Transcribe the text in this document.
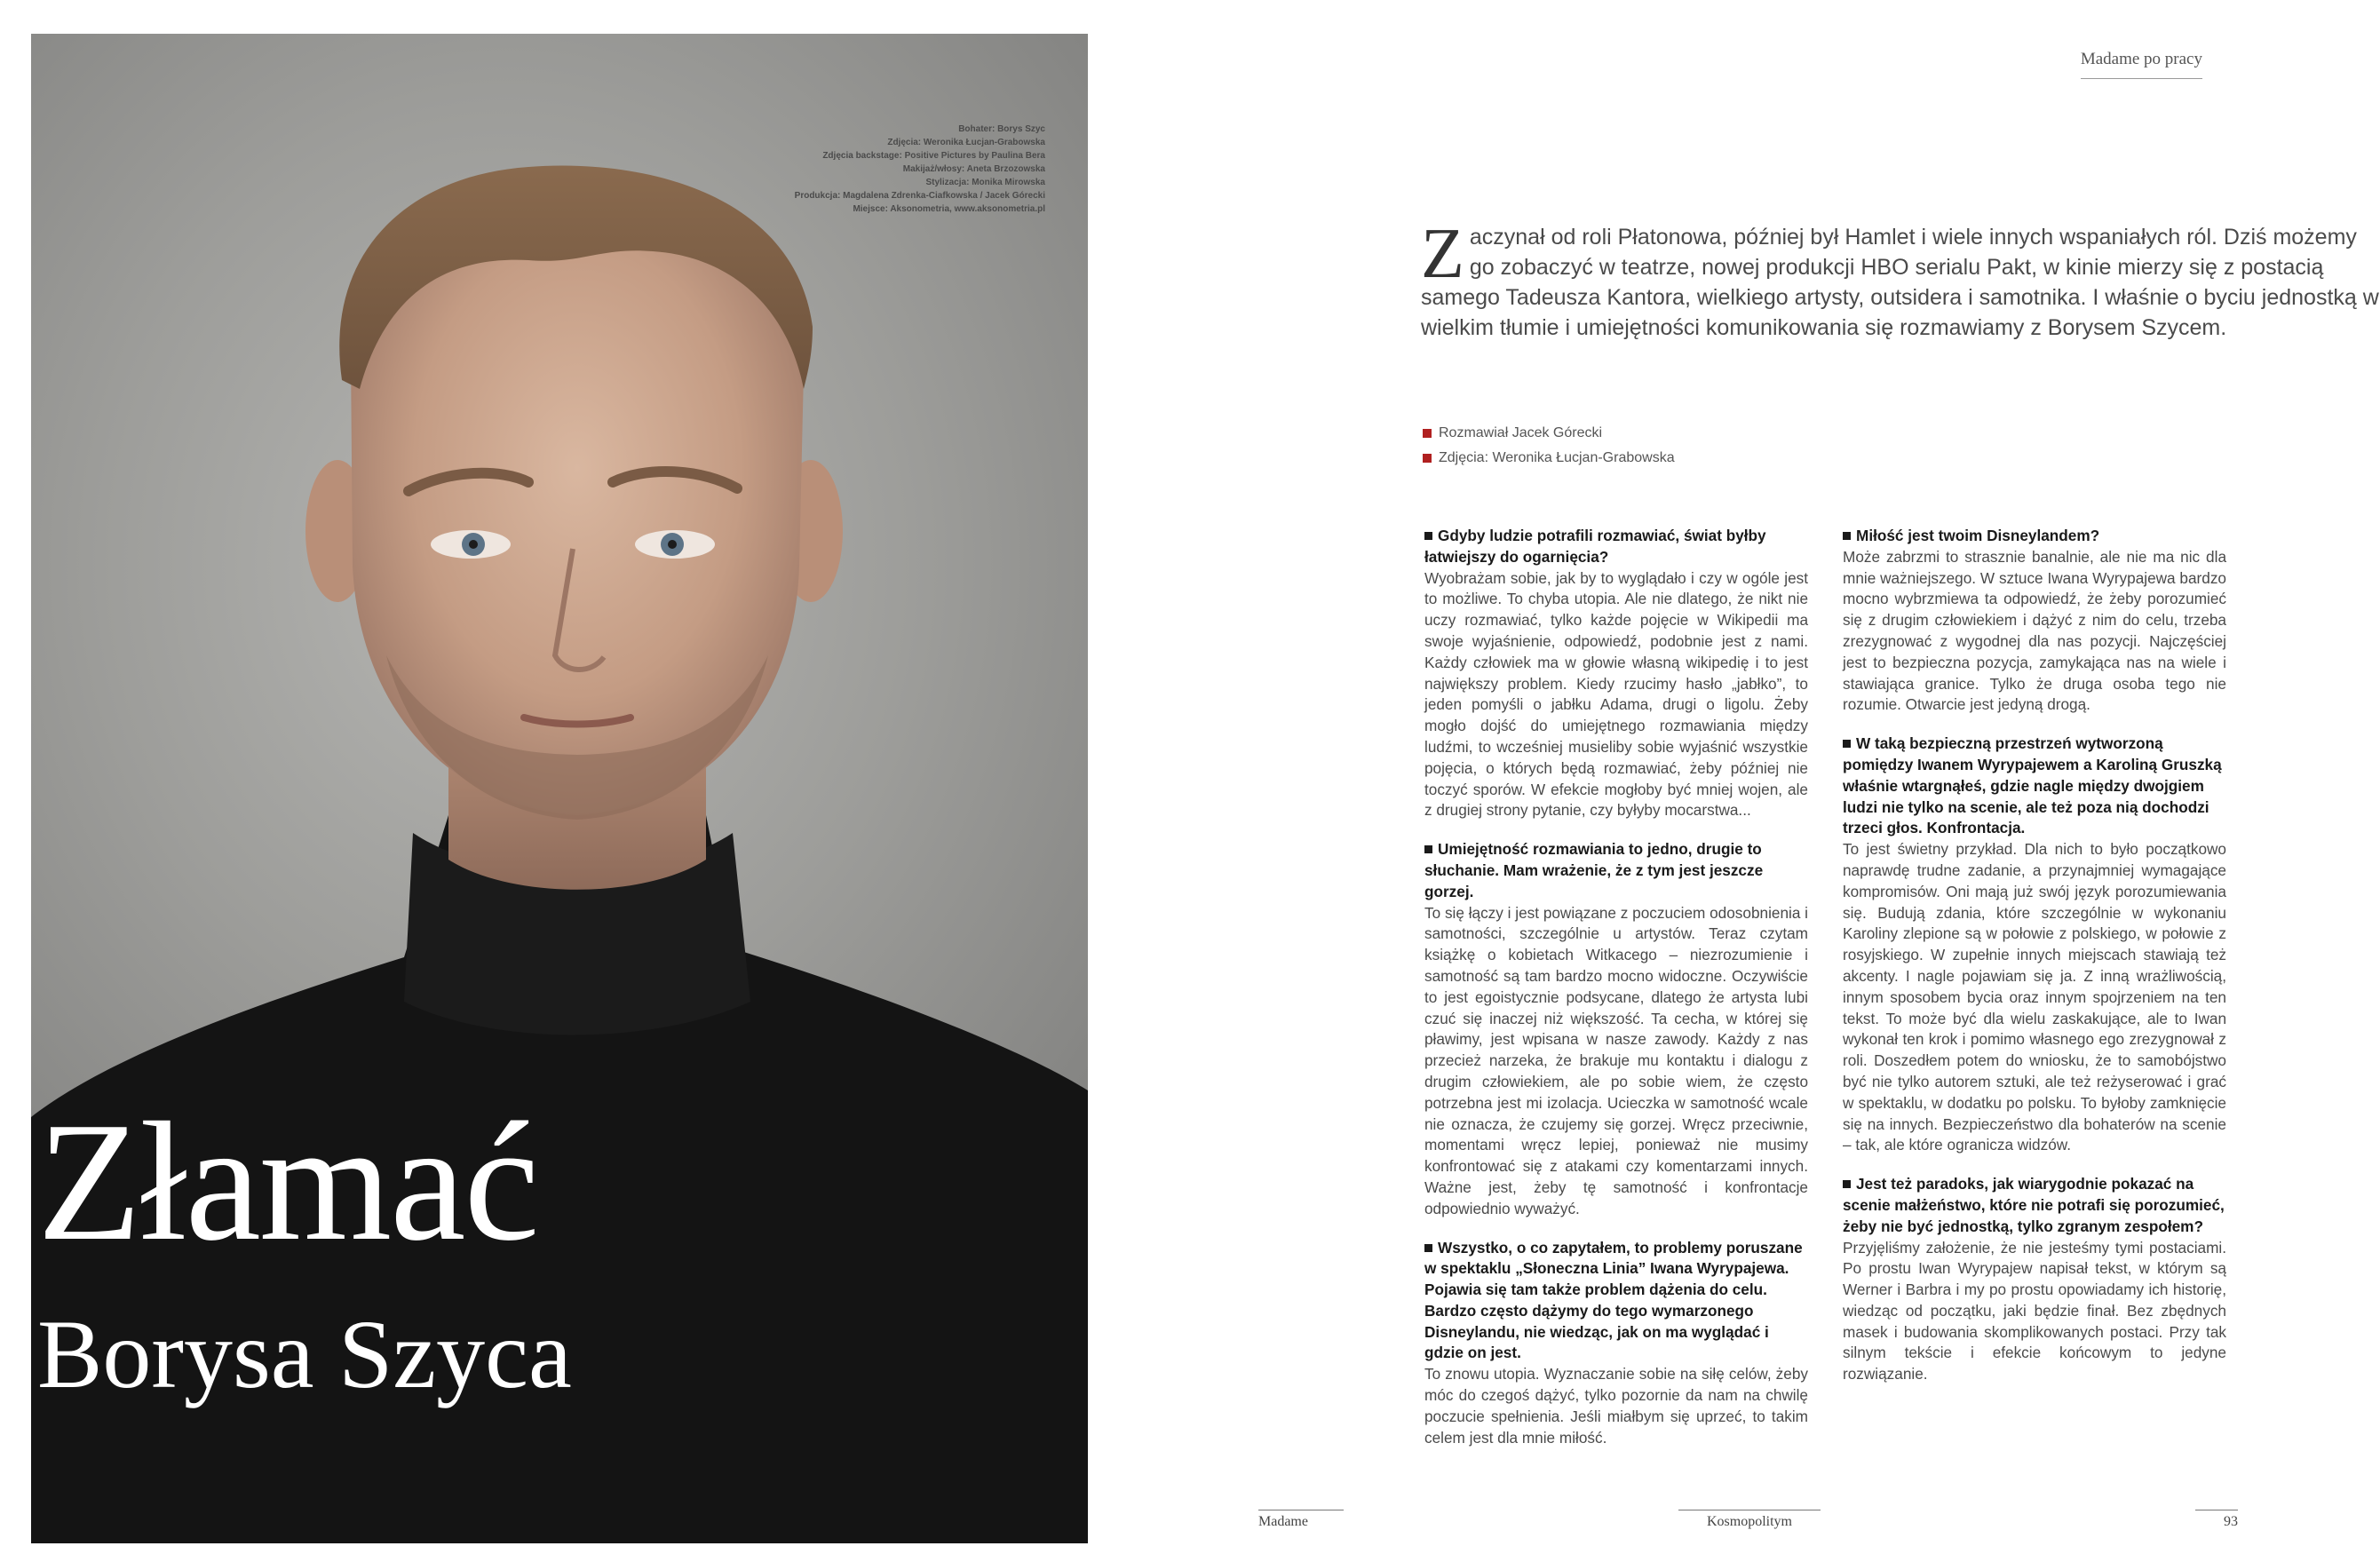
Bohater: Borys Szyc
Zdjęcia: Weronika Łucjan-Grabowska
Zdjęcia backstage: Positive Pictures by Paulina Bera
Makijaż/włosy: Aneta Brzozowska
Stylizacja: Monika Mirowska
Produkcja: Magdalena Zdrenka-Ciafkowska / Jacek Górecki
Miejsce: Aksonometria, www.aksonometria.pl
Złamać
Borysa Szyca
Madame po pracy
Zaczynał od roli Płatonowa, później był Hamlet i wiele innych wspaniałych ról. Dziś możemy go zobaczyć w teatrze, nowej produkcji HBO serialu Pakt, w kinie mierzy się z postacią samego Tadeusza Kantora, wielkiego artysty, outsidera i samotnika. I właśnie o byciu jednostką w wielkim tłumie i umiejętności komunikowania się rozmawiamy z Borysem Szycem.
Rozmawiał Jacek Górecki
Zdjęcia: Weronika Łucjan-Grabowska

Gdyby ludzie potrafili rozmawiać, świat byłby łatwiejszy do ogarnięcia?

Wyobrażam sobie, jak by to wyglądało i czy w ogóle jest to możliwe. To chyba utopia. Ale nie dlatego, że nikt nie uczy rozmawiać, tylko każde pojęcie w Wikipedii ma swoje wyjaśnienie, odpowiedź, podobnie jest z nami. Każdy człowiek ma w głowie własną wikipedię i to jest największy problem. Kiedy rzucimy hasło „jabłko”, to jeden pomyśli o jabłku Adama, drugi o ligolu. Żeby mogło dojść do umiejętnego rozmawiania między ludźmi, to wcześniej musieliby sobie wyjaśnić wszystkie pojęcia, o których będą rozmawiać, żeby później nie toczyć sporów. W efekcie mogłoby być mniej wojen, ale z drugiej strony pytanie, czy byłyby mocarstwa...

Umiejętność rozmawiania to jedno, drugie to słuchanie. Mam wrażenie, że z tym jest jeszcze gorzej.

To się łączy i jest powiązane z poczuciem odosobnienia i samotności, szczególnie u artystów. Teraz czytam książkę o kobietach Witkacego – niezrozumienie i samotność są tam bardzo mocno widoczne. Oczywiście to jest egoistycznie podsycane, dlatego że artysta lubi czuć się inaczej niż większość. Ta cecha, w której się pławimy, jest wpisana w nasze zawody. Każdy z nas przecież narzeka, że brakuje mu kontaktu i dialogu z drugim człowiekiem, ale po sobie wiem, że często potrzebna jest mi izolacja. Ucieczka w samotność wcale nie oznacza, że czujemy się gorzej. Wręcz przeciwnie, momentami wręcz lepiej, ponieważ nie musimy konfrontować się z atakami czy komentarzami innych. Ważne jest, żeby tę samotność i konfrontacje odpowiednio wyważyć.

Wszystko, o co zapytałem, to problemy poruszane w spektaklu „Słoneczna Linia” Iwana Wyrypajewa. Pojawia się tam także problem dążenia do celu. Bardzo często dążymy do tego wymarzonego Disneylandu, nie wiedząc, jak on ma wyglądać i gdzie on jest.

To znowu utopia. Wyznaczanie sobie na siłę celów, żeby móc do czegoś dążyć, tylko pozornie da nam na chwilę poczucie spełnienia. Jeśli miałbym się uprzeć, to takim celem jest dla mnie miłość.

Miłość jest twoim Disneylandem?

Może zabrzmi to strasznie banalnie, ale nie ma nic dla mnie ważniejszego. W sztuce Iwana Wyrypajewa bardzo mocno wybrzmiewa ta odpowiedź, że żeby porozumieć się z drugim człowiekiem i dążyć z nim do celu, trzeba zrezygnować z wygodnej dla nas pozycji. Najczęściej jest to bezpieczna pozycja, zamykająca nas na wiele i stawiająca granice. Tylko że druga osoba tego nie rozumie. Otwarcie jest jedyną drogą.

W taką bezpieczną przestrzeń wytworzoną pomiędzy Iwanem Wyrypajewem a Karoliną Gruszką właśnie wtargnąłeś, gdzie nagle między dwojgiem ludzi nie tylko na scenie, ale też poza nią dochodzi trzeci głos. Konfrontacja.

To jest świetny przykład. Dla nich to było początkowo naprawdę trudne zadanie, a przynajmniej wymagające kompromisów. Oni mają już swój język porozumiewania się. Budują zdania, które szczególnie w wykonaniu Karoliny zlepione są w połowie z polskiego, w połowie z rosyjskiego. W zupełnie innych miejscach stawiają też akcenty. I nagle pojawiam się ja. Z inną wrażliwością, innym sposobem bycia oraz innym spojrzeniem na ten tekst. To może być dla wielu zaskakujące, ale to Iwan wykonał ten krok i pomimo własnego ego zrezygnował z roli. Doszedłem potem do wniosku, że to samobójstwo być nie tylko autorem sztuki, ale też reżyserować i grać w spektaklu, w dodatku po polsku. To byłoby zamknięcie się na innych. Bezpieczeństwo dla bohaterów na scenie – tak, ale które ogranicza widzów.

Jest też paradoks, jak wiarygodnie pokazać na scenie małżeństwo, które nie potrafi się porozumieć, żeby nie być jednostką, tylko zgranym zespołem?

Przyjęliśmy założenie, że nie jesteśmy tymi postaciami. Po prostu Iwan Wyrypajew napisał tekst, w którym są Werner i Barbra i my po prostu opowiadamy ich historię, wiedząc od początku, jaki będzie finał. Bez zbędnych masek i budowania skomplikowanych postaci. Przy tak silnym tekście i efekcie końcowym to jedyne rozwiązanie.

Madame	Kosmopolitym	93
